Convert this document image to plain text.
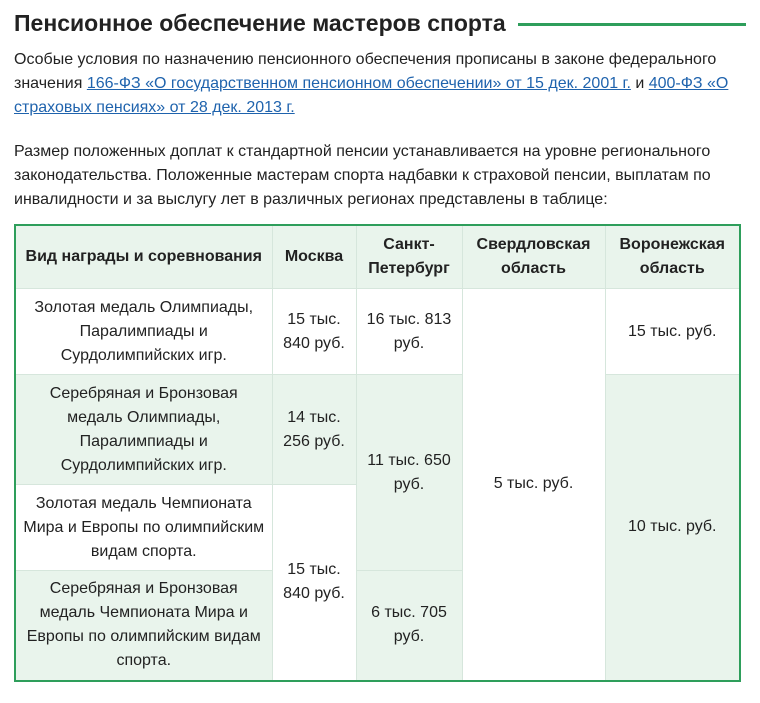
Пенсионное обеспечение мастеров спорта

Особые условия по назначению пенсионного обеспечения прописаны в законе федерального значения 166-ФЗ «О государственном пенсионном обеспечении» от 15 дек. 2001 г. и 400-ФЗ «О страховых пенсиях» от 28 дек. 2013 г.

Размер положенных доплат к стандартной пенсии устанавливается на уровне регионального законодательства. Положенные мастерам спорта надбавки к страховой пенсии, выплатам по инвалидности и за выслугу лет в различных регионах представлены в таблице:

Вид награды и соревнования	Москва	Санкт-Петербург	Свердловская область	Воронежская область
Золотая медаль Олимпиады, Паралимпиады и Сурдолимпийских игр.	15 тыс. 840 руб.	16 тыс. 813 руб.	5 тыс. руб.	15 тыс. руб.
Серебряная и Бронзовая медаль Олимпиады, Паралимпиады и Сурдолимпийских игр.	14 тыс. 256 руб.	11 тыс. 650 руб.		10 тыс. руб.
Золотая медаль Чемпионата Мира и Европы по олимпийским видам спорта.	15 тыс. 840 руб.			
Серебряная и Бронзовая медаль Чемпионата Мира и Европы по олимпийским видам спорта.		6 тыс. 705 руб.		
